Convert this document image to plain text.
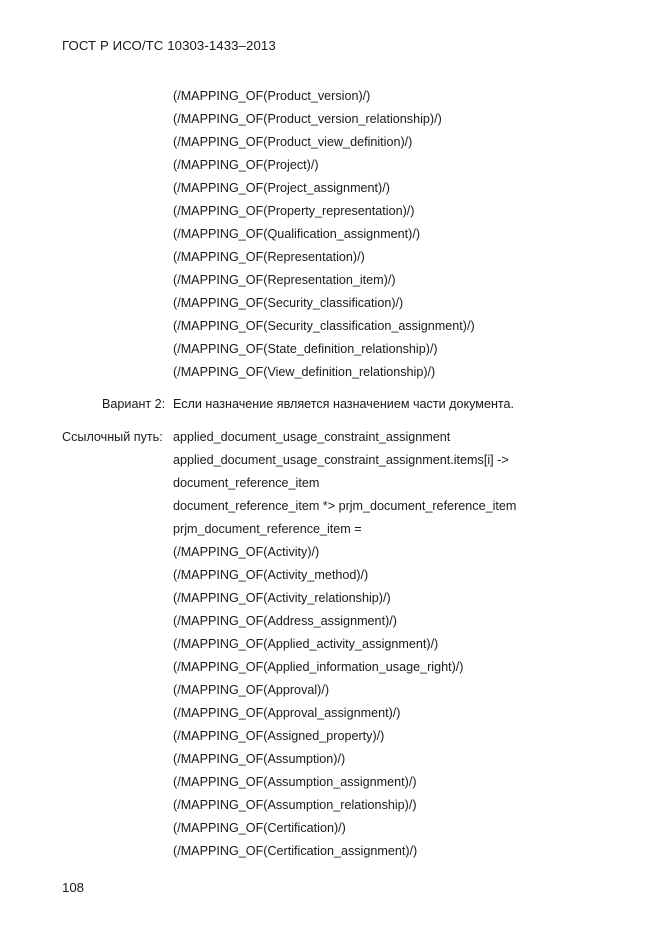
ГОСТ Р ИСО/ТС 10303-1433–2013
(/MAPPING_OF(Product_version)/)
(/MAPPING_OF(Product_version_relationship)/)
(/MAPPING_OF(Product_view_definition)/)
(/MAPPING_OF(Project)/)
(/MAPPING_OF(Project_assignment)/)
(/MAPPING_OF(Property_representation)/)
(/MAPPING_OF(Qualification_assignment)/)
(/MAPPING_OF(Representation)/)
(/MAPPING_OF(Representation_item)/)
(/MAPPING_OF(Security_classification)/)
(/MAPPING_OF(Security_classification_assignment)/)
(/MAPPING_OF(State_definition_relationship)/)
(/MAPPING_OF(View_definition_relationship)/)
Вариант 2: Если назначение является назначением части документа.
Ссылочный путь: applied_document_usage_constraint_assignment
applied_document_usage_constraint_assignment.items[i] ->
document_reference_item
document_reference_item *> prjm_document_reference_item
prjm_document_reference_item =
(/MAPPING_OF(Activity)/)
(/MAPPING_OF(Activity_method)/)
(/MAPPING_OF(Activity_relationship)/)
(/MAPPING_OF(Address_assignment)/)
(/MAPPING_OF(Applied_activity_assignment)/)
(/MAPPING_OF(Applied_information_usage_right)/)
(/MAPPING_OF(Approval)/)
(/MAPPING_OF(Approval_assignment)/)
(/MAPPING_OF(Assigned_property)/)
(/MAPPING_OF(Assumption)/)
(/MAPPING_OF(Assumption_assignment)/)
(/MAPPING_OF(Assumption_relationship)/)
(/MAPPING_OF(Certification)/)
(/MAPPING_OF(Certification_assignment)/)
108
